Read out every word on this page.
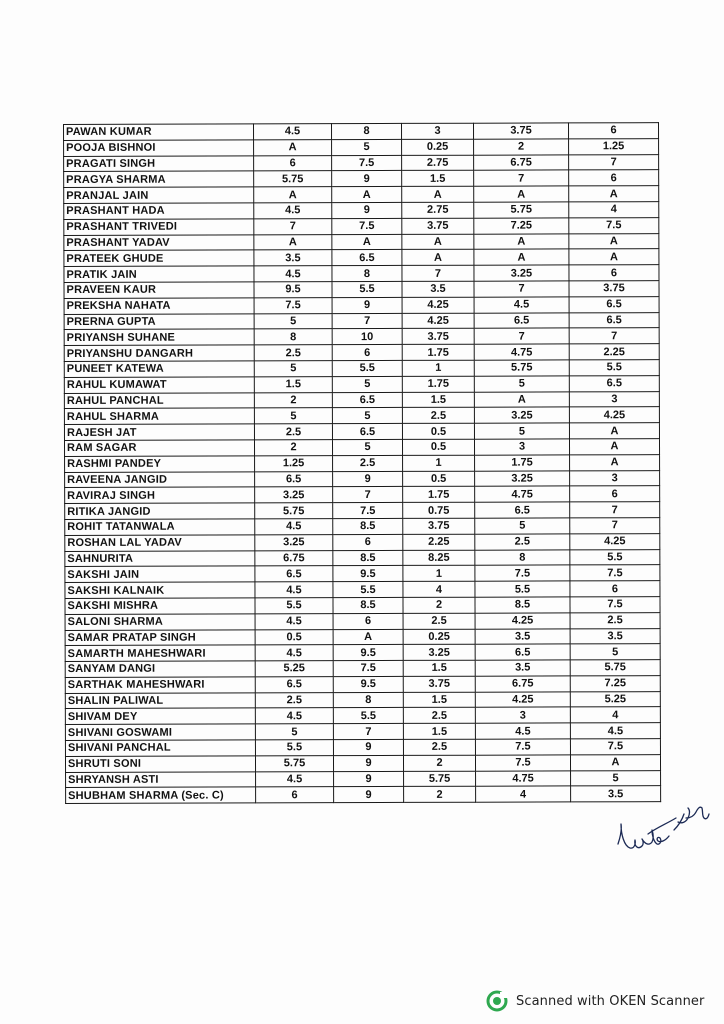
PAWAN KUMAR	4.5	8	3	3.75	6
POOJA BISHNOI	A	5	0.25	2	1.25
PRAGATI SINGH	6	7.5	2.75	6.75	7
PRAGYA SHARMA	5.75	9	1.5	7	6
PRANJAL JAIN	A	A	A	A	A
PRASHANT HADA	4.5	9	2.75	5.75	4
PRASHANT TRIVEDI	7	7.5	3.75	7.25	7.5
PRASHANT YADAV	A	A	A	A	A
PRATEEK GHUDE	3.5	6.5	A	A	A
PRATIK JAIN	4.5	8	7	3.25	6
PRAVEEN KAUR	9.5	5.5	3.5	7	3.75
PREKSHA NAHATA	7.5	9	4.25	4.5	6.5
PRERNA GUPTA	5	7	4.25	6.5	6.5
PRIYANSH SUHANE	8	10	3.75	7	7
PRIYANSHU DANGARH	2.5	6	1.75	4.75	2.25
PUNEET KATEWA	5	5.5	1	5.75	5.5
RAHUL KUMAWAT	1.5	5	1.75	5	6.5
RAHUL PANCHAL	2	6.5	1.5	A	3
RAHUL SHARMA	5	5	2.5	3.25	4.25
RAJESH JAT	2.5	6.5	0.5	5	A
RAM SAGAR	2	5	0.5	3	A
RASHMI PANDEY	1.25	2.5	1	1.75	A
RAVEENA JANGID	6.5	9	0.5	3.25	3
RAVIRAJ SINGH	3.25	7	1.75	4.75	6
RITIKA JANGID	5.75	7.5	0.75	6.5	7
ROHIT TATANWALA	4.5	8.5	3.75	5	7
ROSHAN LAL YADAV	3.25	6	2.25	2.5	4.25
SAHNURITA	6.75	8.5	8.25	8	5.5
SAKSHI JAIN	6.5	9.5	1	7.5	7.5
SAKSHI KALNAIK	4.5	5.5	4	5.5	6
SAKSHI MISHRA	5.5	8.5	2	8.5	7.5
SALONI SHARMA	4.5	6	2.5	4.25	2.5
SAMAR PRATAP SINGH	0.5	A	0.25	3.5	3.5
SAMARTH MAHESHWARI	4.5	9.5	3.25	6.5	5
SANYAM DANGI	5.25	7.5	1.5	3.5	5.75
SARTHAK MAHESHWARI	6.5	9.5	3.75	6.75	7.25
SHALIN PALIWAL	2.5	8	1.5	4.25	5.25
SHIVAM DEY	4.5	5.5	2.5	3	4
SHIVANI GOSWAMI	5	7	1.5	4.5	4.5
SHIVANI PANCHAL	5.5	9	2.5	7.5	7.5
SHRUTI SONI	5.75	9	2	7.5	A
SHRYANSH ASTI	4.5	9	5.75	4.75	5
SHUBHAM SHARMA (Sec. C)	6	9	2	4	3.5
Scanned with OKEN Scanner
